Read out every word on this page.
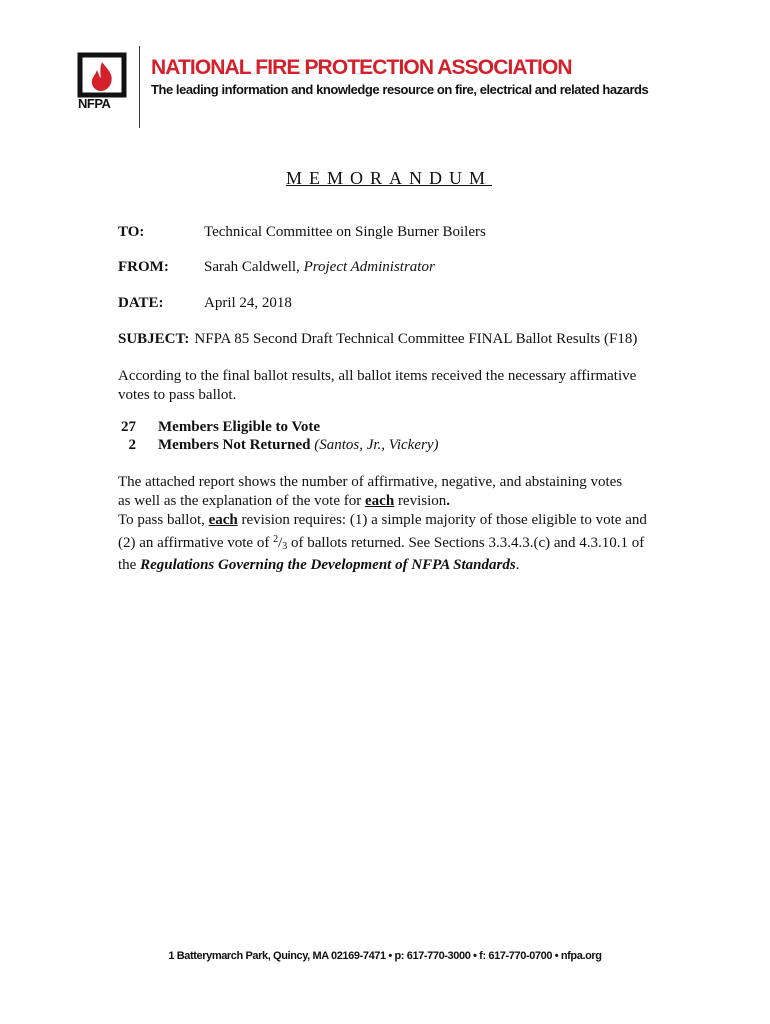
NFPA
NATIONAL FIRE PROTECTION ASSOCIATION
The leading information and knowledge resource on fire, electrical and related hazards
MEMORANDUM
TO:	Technical Committee on Single Burner Boilers
FROM: Sarah Caldwell, Project Administrator
DATE:	April 24, 2018
SUBJECT: NFPA 85 Second Draft Technical Committee FINAL Ballot Results (F18)
According to the final ballot results, all ballot items received the necessary affirmative
votes to pass ballot.
27 Members Eligible to Vote
2 Members Not Returned (Santos, Jr., Vickery)
The attached report shows the number of affirmative, negative, and abstaining votes
as well as the explanation of the vote for each revision.
To pass ballot, each revision requires: (1) a simple majority of those eligible to vote and
(2) an affirmative vote of $^2/_3$ of ballots returned. See Sections 3.3.4.3.(c) and 4.3.10.1 of
the Regulations Governing the Development of NFPA Standards.
1 Batterymarch Park, Quincy, MA 02169-7471 • p: 617-770-3000 • f: 617-770-0700 • nfpa.org
